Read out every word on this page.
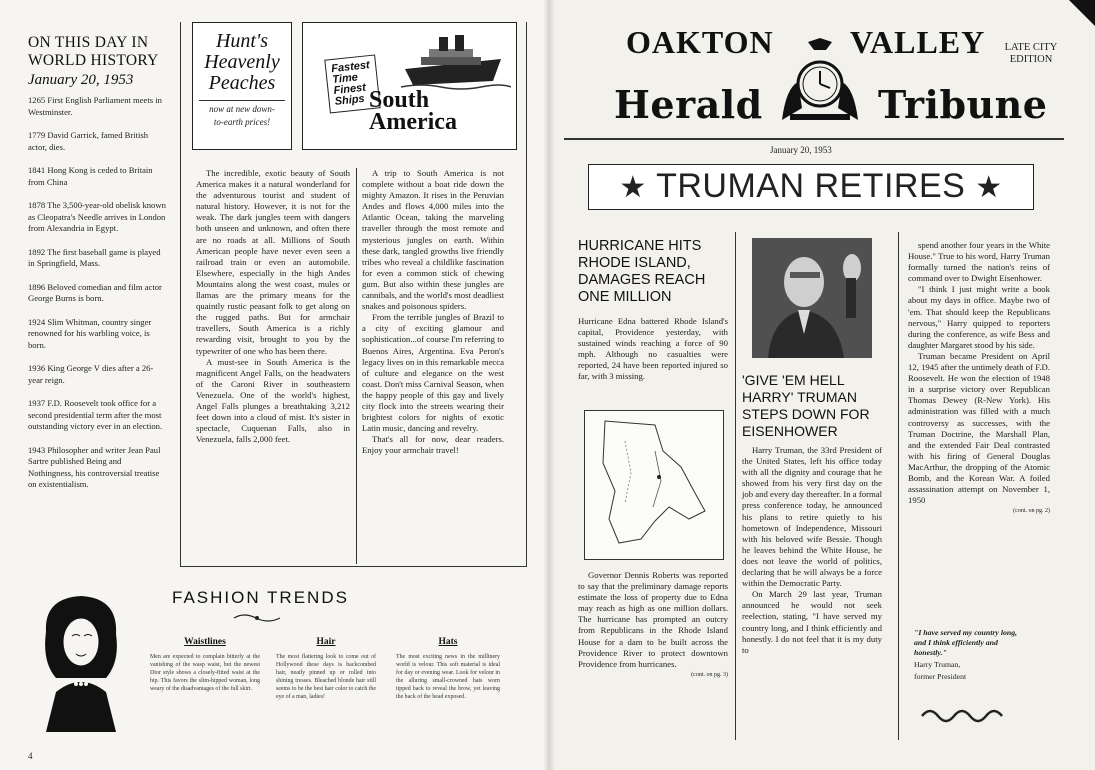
ON THIS DAY IN
WORLD HISTORY
January 20, 1953
1265 First English Parliament meets in Westminster.
1779 David Garrick, famed British actor, dies.
1841 Hong Kong is ceded to Britain from China
1878 The 3,500-year-old obelisk known as Cleopatra's Needle arrives in London from Alexandria in Egypt.
1892 The first baseball game is played in Springfield, Mass.
1896 Beloved comedian and film actor George Burns is born.
1924 Slim Whitman, country singer renowned for his warbling voice, is born.
1936 King George V dies after a 26-year reign.
1937 F.D. Roosevelt took office for a second presidential term after the most outstanding victory ever in an election.
1943 Philosopher and writer Jean Paul Sartre published Being and Nothingness, his controversial treatise on existentialism.
Hunt's
Heavenly
Peaches
now at new down-
to-earth prices!
Fastest
Time
Finest
Ships South
America

The incredible, exotic beauty of South America makes it a natural wonderland for the adventurous tourist and student of natural history. However, it is not for the weak. The dark jungles teem with dangers both unseen and unknown, and often there are no roads at all. Millions of South American people have never even seen a railroad train or even an automobile. Elsewhere, especially in the high Andes Mountains along the west coast, mules or llamas are the primary means for the quaintly rustic peasant folk to get along on the rugged paths. But for armchair travellers, South America is a richly rewarding visit, brought to you by the typewriter of one who has been there.

A must-see in South America is the magnificent Angel Falls, on the headwaters of the Caroni River in southeastern Venezuela. One of the world's highest, Angel Falls plunges a breathtaking 3,212 feet down into a cloud of mist. It's sister in spectacle, Cuquenan Falls, also in Venezuela, falls 2,000 feet.

A trip to South America is not complete without a boat ride down the mighty Amazon. It rises in the Peruvian Andes and flows 4,000 miles into the Atlantic Ocean, taking the marveling traveller through the most remote and mysterious jungles on earth. Within these dark, tangled growths live friendly tribes who reveal a childlike fascination for even a common stick of chewing gum. But also within these jungles are cannibals, and the world's most deadliest snakes and poisonous spiders.

From the terrible jungles of Brazil to a city of exciting glamour and sophistication...of course I'm referring to Buenos Aires, Argentina. Eva Peron's legacy lives on in this remarkable mecca of culture and elegance on the west coast. Don't miss Carnival Season, when the happy people of this gay and lively city flock into the streets wearing their brightest colors for nights of exotic Latin music, dancing and revelry.

That's all for now, dear readers. Enjoy your armchair travel!

FASHION TRENDS
Waistlines
Men are expected to complain bitterly at the vanishing of the wasp waist, but the newest Dior style shows a closely-fitted waist at the hip. This favors the slim-hipped woman, long weary of the disadvantages of the full skirt.
Hair
The most flattering look to come out of Hollywood these days is backcombed hair, neatly pinned up or rolled into shining tresses. Bleached blonde hair still seems to be the best hair color to catch the eye of a man, ladies!
Hats
The most exciting news in the millinery world is velour. This soft material is ideal for day or evening wear. Look for velour in the alluring small-crowned hats worn tipped back to reveal the brow, yet leaving the back of the head exposed.
4
OAKTON VALLEY	LATE CITY
EDITION
Herald	Tribune
January 20, 1953
★ TRUMAN RETIRES ★
HURRICANE HITS RHODE ISLAND, DAMAGES REACH ONE MILLION
Hurricane Edna battered Rhode Island's capital, Providence yesterday, with sustained winds reaching a force of 90 mph. Although no casualties were reported, 24 have been reported injured so far, with 3 missing.

Governor Dennis Roberts was reported to say that the preliminary damage reports estimate the loss of property due to Edna may reach as high as one million dollars. The hurricane has prompted an outcry from Republicans in the Rhode Island House for a dam to be built across the Providence River to protect downtown Providence from hurricanes.

(cont. on pg. 3)
'GIVE 'EM HELL HARRY' TRUMAN STEPS DOWN FOR EISENHOWER

Harry Truman, the 33rd President of the United States, left his office today with all the dignity and courage that he showed from his very first day on the job and every day thereafter. In a formal press conference today, he announced his plans to retire quietly to his hometown of Independence, Missouri with his beloved wife Bessie. Though he leaves behind the White House, he does not leave the world of politics, declaring that he will always be a force within the Democratic Party.

On March 29 last year, Truman announced he would not seek reelection, stating, "I have served my country long, and I think efficiently and honestly. I do not feel that it is my duty to

spend another four years in the White House." True to his word, Harry Truman formally turned the nation's reins of command over to Dwight Eisenhower.

"I think I just might write a book about my days in office. Maybe two of 'em. That should keep the Republicans nervous," Harry quipped to reporters during the conference, as wife Bess and daughter Margaret stood by his side.

Truman became President on April 12, 1945 after the untimely death of F.D. Roosevelt. He won the election of 1948 in a surprise victory over Republican Thomas Dewey (R-New York). His administration was filled with a much controversy as successes, with the Truman Doctrine, the Marshall Plan, and the extended Fair Deal contrasted with his firing of General Douglas MacArthur, the dropping of the Atomic Bomb, and the Korean War. A foiled assassination attempt on November 1, 1950

(cont. on pg. 2)
"I have served my country long, and I think efficiently and honestly."
Harry Truman,
former President
